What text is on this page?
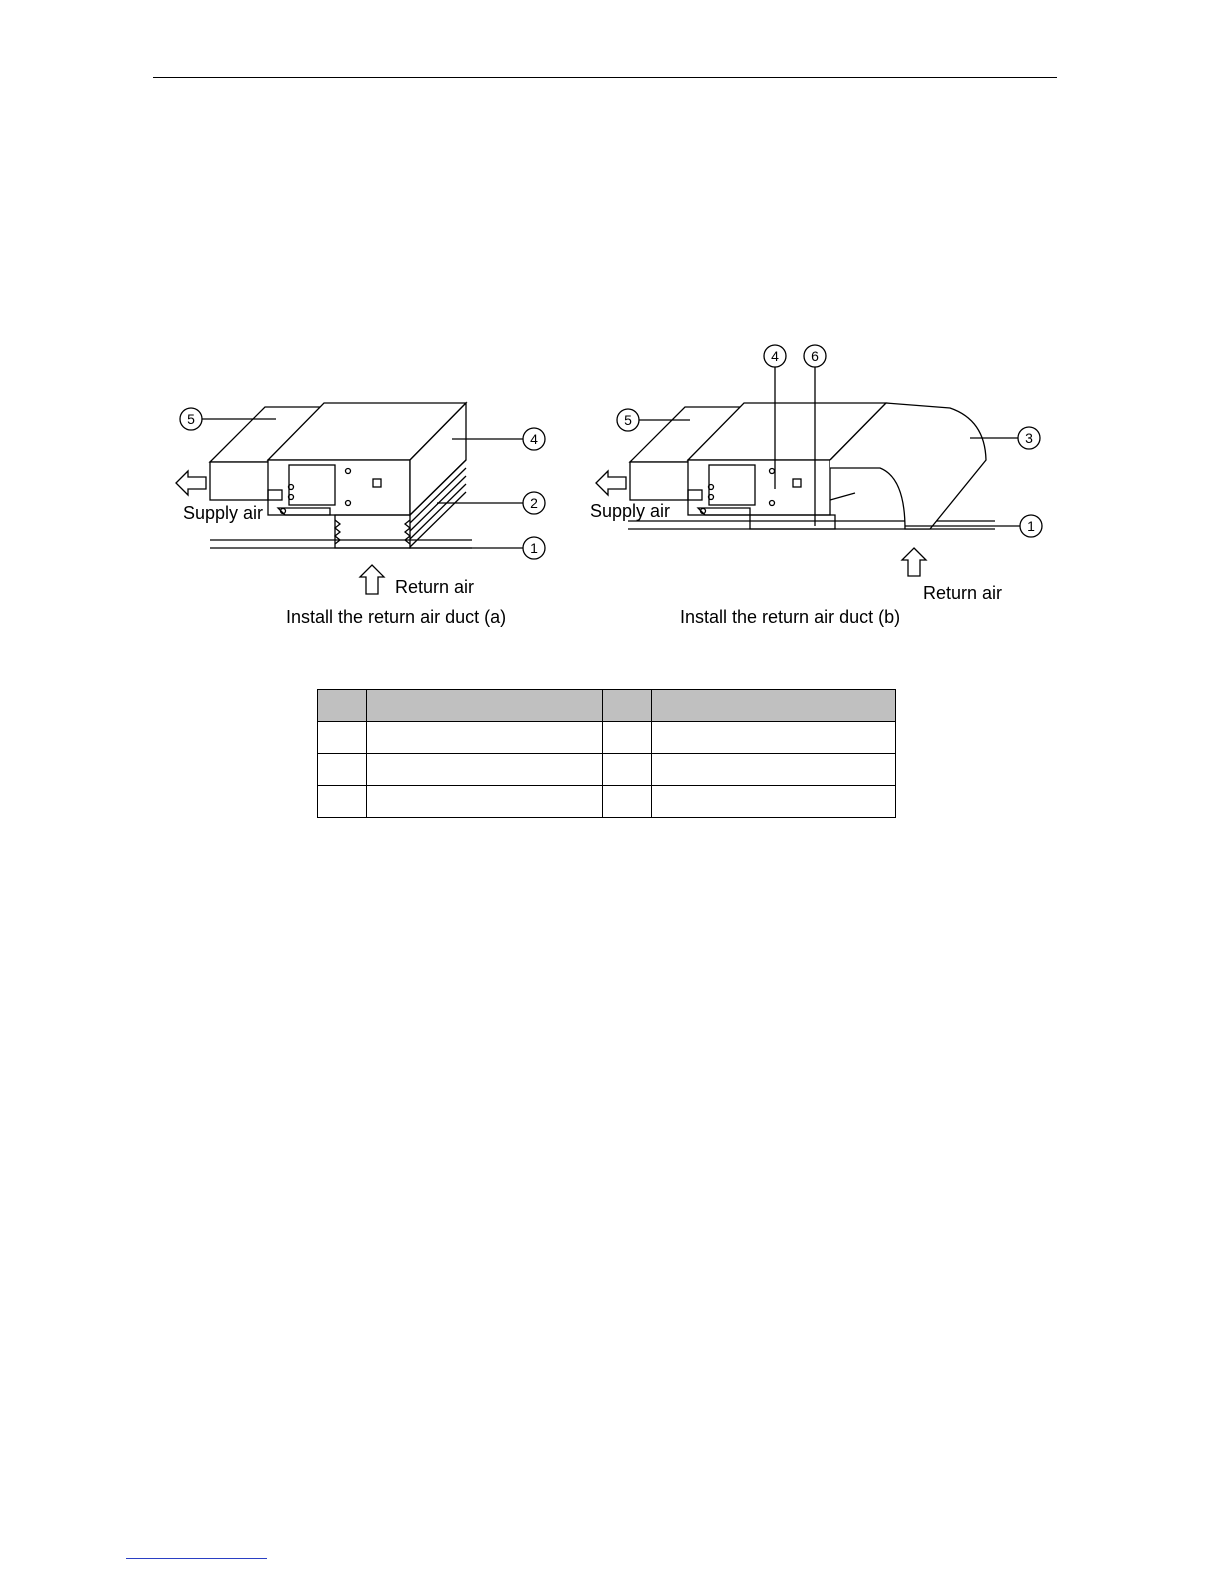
5
4
2
1
4 6
5
3
1
Supply air
Return air
Install the return air duct (a)
Supply air
Return air
Install the return air duct (b)
